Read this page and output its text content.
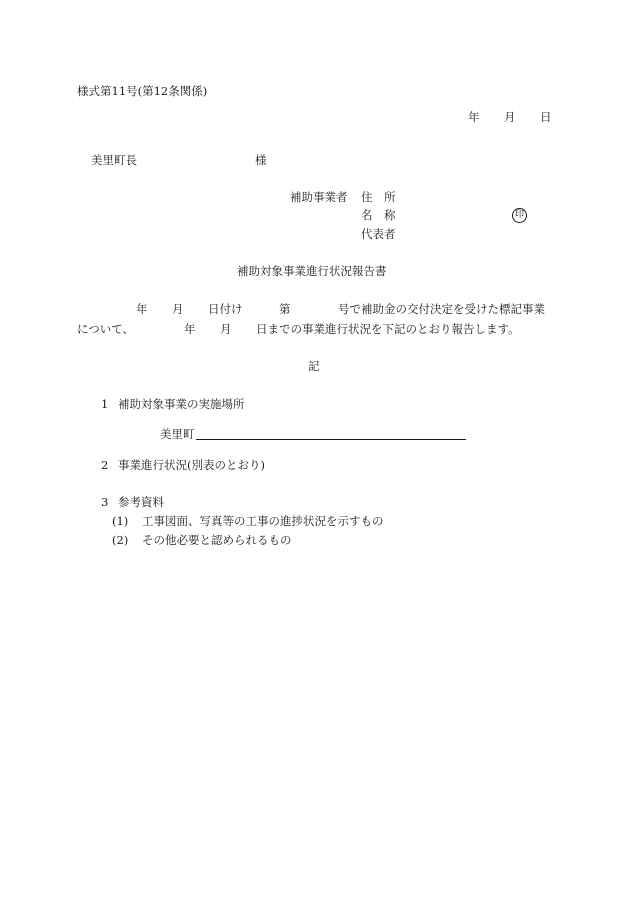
様式第11号(第12条関係)
年 月 日
美里町長	様
補助事業者 住　所
名　称	印
代表者
補助対象事業進行状況報告書
年 月 日付け	第	号で補助金の交付決定を受けた標記事業
について、	年 月 日までの事業進行状況を下記のとおり報告します。
記
1 補助対象事業の実施場所
美里町
2 事業進行状況(別表のとおり)
3 参考資料
(1) 工事図面、写真等の工事の進捗状況を示すもの
(2) その他必要と認められるもの
